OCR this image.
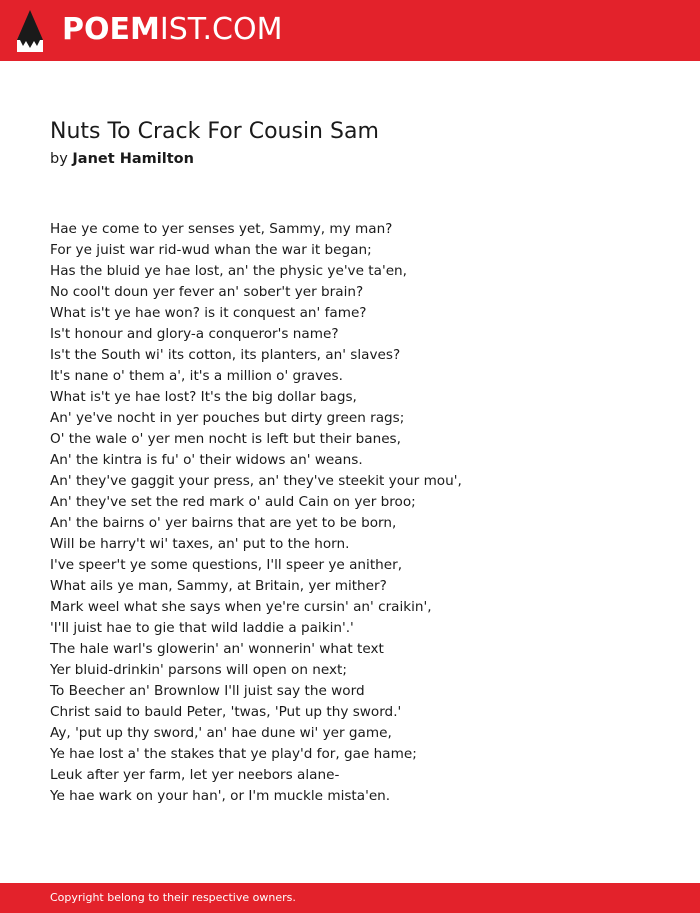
POEMIST.COM
Nuts To Crack For Cousin Sam
by Janet Hamilton
Hae ye come to yer senses yet, Sammy, my man?
For ye juist war rid-wud whan the war it began;
Has the bluid ye hae lost, an' the physic ye've ta'en,
No cool't doun yer fever an' sober't yer brain?
What is't ye hae won? is it conquest an' fame?
Is't honour and glory-a conqueror's name?
Is't the South wi' its cotton, its planters, an' slaves?
It's nane o' them a', it's a million o' graves.
What is't ye hae lost? It's the big dollar bags,
An' ye've nocht in yer pouches but dirty green rags;
O' the wale o' yer men nocht is left but their banes,
An' the kintra is fu' o' their widows an' weans.
An' they've gaggit your press, an' they've steekit your mou',
An' they've set the red mark o' auld Cain on yer broo;
An' the bairns o' yer bairns that are yet to be born,
Will be harry't wi' taxes, an' put to the horn.
I've speer't ye some questions, I'll speer ye anither,
What ails ye man, Sammy, at Britain, yer mither?
Mark weel what she says when ye're cursin' an' craikin',
'I'll juist hae to gie that wild laddie a paikin'.'
The hale warl's glowerin' an' wonnerin' what text
Yer bluid-drinkin' parsons will open on next;
To Beecher an' Brownlow I'll juist say the word
Christ said to bauld Peter, 'twas, 'Put up thy sword.'
Ay, 'put up thy sword,' an' hae dune wi' yer game,
Ye hae lost a' the stakes that ye play'd for, gae hame;
Leuk after yer farm, let yer neebors alane-
Ye hae wark on your han', or I'm muckle mista'en.
Copyright belong to their respective owners.
